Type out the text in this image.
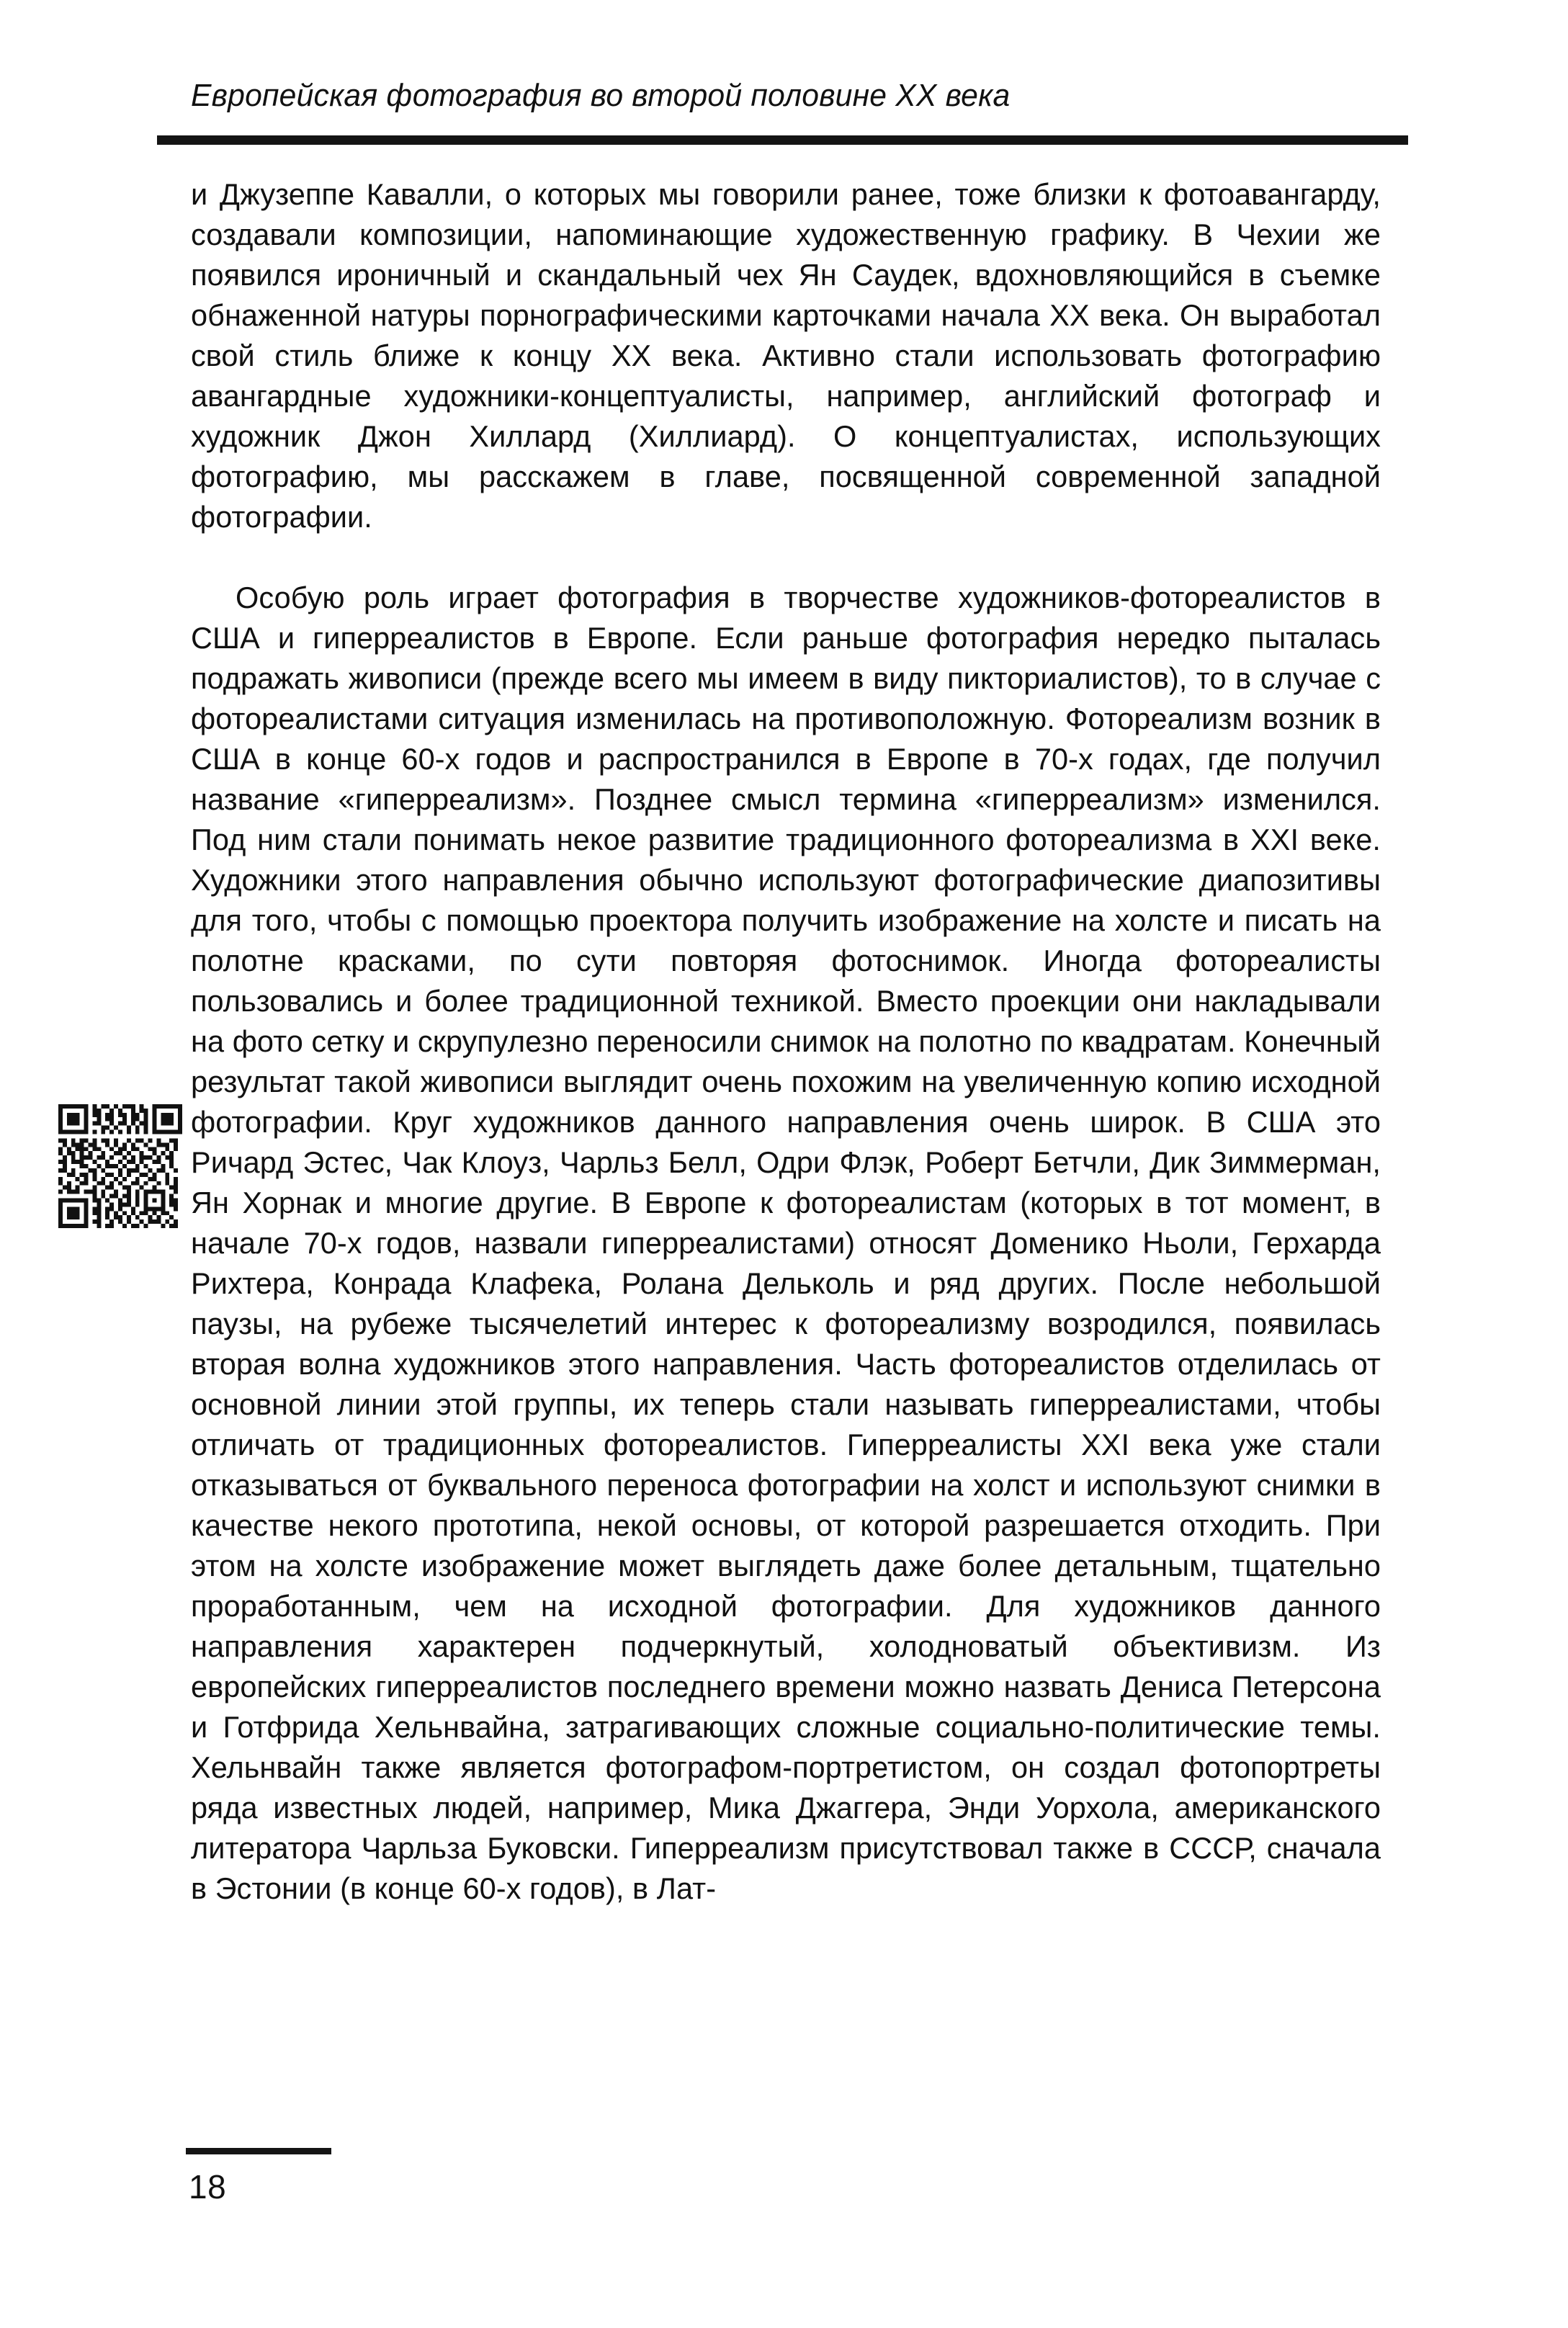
Европейская фотография во второй половине XX века

и Джузеппе Кавалли, о которых мы говорили ранее, тоже близки к фотоавангарду, создавали композиции, напоминающие художественную графику. В Чехии же появился ироничный и скандальный чех Ян Саудек, вдохновляющийся в съемке обнаженной натуры порнографическими карточками начала XX века. Он выработал свой стиль ближе к концу XX века. Активно стали использовать фотографию авангардные художники-концептуалисты, например, английский фотограф и художник Джон Хиллард (Хиллиард). О концептуалистах, использующих фотографию, мы расскажем в главе, посвященной современной западной фотографии.

Особую роль играет фотография в творчестве художников-фотореалистов в США и гиперреалистов в Европе. Если раньше фотография нередко пыталась подражать живописи (прежде всего мы имеем в виду пикториалистов), то в случае с фотореалистами ситуация изменилась на противоположную. Фотореализм возник в США в конце 60-х годов и распространился в Европе в 70-х годах, где получил название «гиперреализм». Позднее смысл термина «гиперреализм» изменился. Под ним стали понимать некое развитие традиционного фотореализма в XXI веке. Художники этого направления обычно используют фотографические диапозитивы для того, чтобы с помощью проектора получить изображение на холсте и писать на полотне красками, по сути повторяя фотоснимок. Иногда фотореалисты пользовались и более традиционной техникой. Вместо проекции они накладывали на фото сетку и скрупулезно переносили снимок на полотно по квадратам. Конечный результат такой живописи выглядит очень похожим на увеличенную копию исходной фотографии. Круг художников данного направления очень широк. В США это Ричард Эстес, Чак Клоуз, Чарльз Белл, Одри Флэк, Роберт Бетчли, Дик Зиммерман, Ян Хорнак и многие другие. В Европе к фотореалистам (которых в тот момент, в начале 70-х годов, назвали гиперреалистами) относят Доменико Ньоли, Герхарда Рихтера, Конрада Клафека, Ролана Дельколь и ряд других. После небольшой паузы, на рубеже тысячелетий интерес к фотореализму возродился, появилась вторая волна художников этого направления. Часть фотореалистов отделилась от основной линии этой группы, их теперь стали называть гиперреалистами, чтобы отличать от традиционных фотореалистов. Гиперреалисты XXI века уже стали отказываться от буквального переноса фотографии на холст и используют снимки в качестве некого прототипа, некой основы, от которой разрешается отходить. При этом на холсте изображение может выглядеть даже более детальным, тщательно проработанным, чем на исходной фотографии. Для художников данного направления характерен подчеркнутый, холодноватый объективизм. Из европейских гиперреалистов последнего времени можно назвать Дениса Петерсона и Готфрида Хельнвайна, затрагивающих сложные социально-политические темы. Хельнвайн также является фотографом-портретистом, он создал фотопортреты ряда известных людей, например, Мика Джаггера, Энди Уорхола, американского литератора Чарльза Буковски. Гиперреализм присутствовал также в СССР, сначала в Эстонии (в конце 60-х годов), в Лат-

18
